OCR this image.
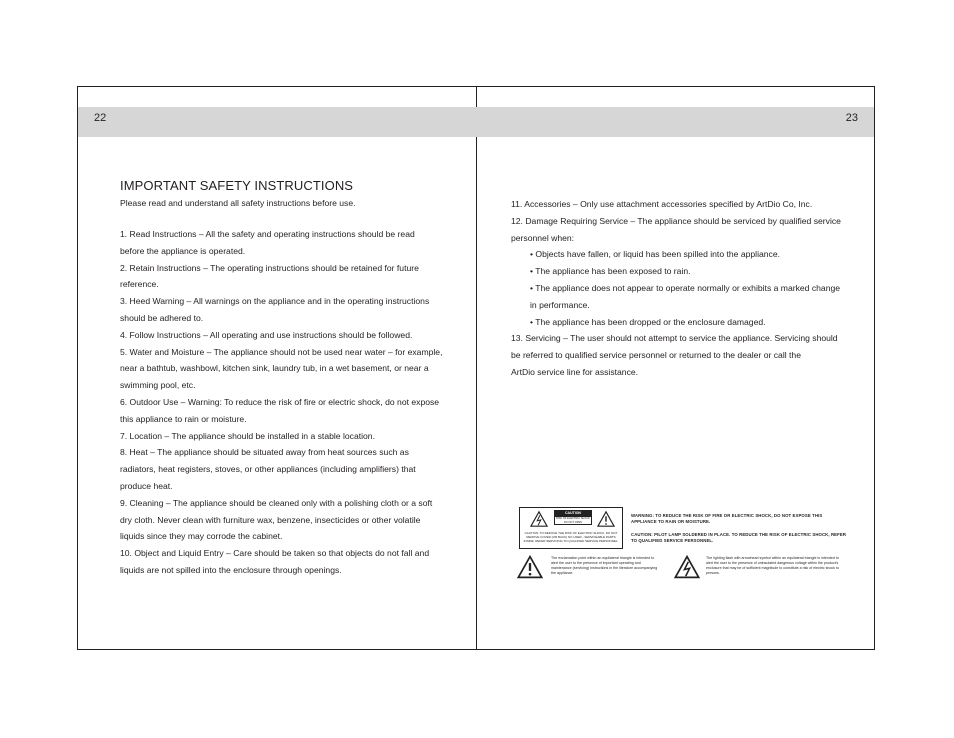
22	23
IMPORTANT SAFETY INSTRUCTIONS
Please read and understand all safety instructions before use.
1. Read Instructions – All the safety and operating instructions should be read
before the appliance is operated.
2. Retain Instructions – The operating instructions should be retained for future
reference.
3. Heed Warning – All warnings on the appliance and in the operating instructions
should be adhered to.
4. Follow Instructions – All operating and use instructions should be followed.
5. Water and Moisture – The appliance should not be used near water – for example,
near a bathtub, washbowl, kitchen sink, laundry tub, in a wet basement, or near a
swimming pool, etc.
6. Outdoor Use – Warning: To reduce the risk of fire or electric shock, do not expose
this appliance to rain or moisture.
7. Location – The appliance should be installed in a stable location.
8. Heat – The appliance should be situated away from heat sources such as
radiators, heat registers, stoves, or other appliances (including amplifiers) that
produce heat.
9. Cleaning – The appliance should be cleaned only with a polishing cloth or a soft
dry cloth. Never clean with furniture wax, benzene, insecticides or other volatile
liquids since they may corrode the cabinet.
10. Object and Liquid Entry – Care should be taken so that objects do not fall and
liquids are not spilled into the enclosure through openings.
11. Accessories – Only use attachment accessories specified by ArtDio Co, Inc.
12. Damage Requiring Service – The appliance should be serviced by qualified service
personnel when:
• Objects have fallen, or liquid has been spilled into the appliance.
• The appliance has been exposed to rain.
• The appliance does not appear to operate normally or exhibits a marked change
in performance.
• The appliance has been dropped or the enclosure damaged.
13. Servicing – The user should not attempt to service the appliance. Servicing should
be referred to qualified service personnel or returned to the dealer or call the
ArtDio service line for assistance.
CAUTION
RISK OF ELECTRIC SHOCK DO NOT OPEN
CAUTION: TO REDUCE THE RISK OF ELECTRIC SHOCK, DO NOT REMOVE COVER (OR BACK) NO USER - SERVICEABLE PARTS INSIDE. REFER SERVICING TO QUALIFIED SERVICE PERSONNEL.
WARNING: TO REDUCE THE RISK OF FIRE OR ELECTRIC SHOCK, DO NOT EXPOSE THIS APPLIANCE TO RAIN OR MOISTURE.
CAUTION: PILOT LAMP SOLDERED IN PLACE. TO REDUCE THE RISK OF ELECTRIC SHOCK, REFER TO QUALIFIED SERVICE PERSONNEL.
The exclamation point within an equilateral triangle is intended to alert the user to the presence of important operating and maintenance (servicing) instructions in the literature accompanying the appliance.
The lighting flash with arrowhead symbol within an equilateral triangle is intended to alert the user to the presence of uninsulated dangerous voltage within the product's enclosure that may be of sufficient magnitude to constitute a risk of electric shock to persons.
